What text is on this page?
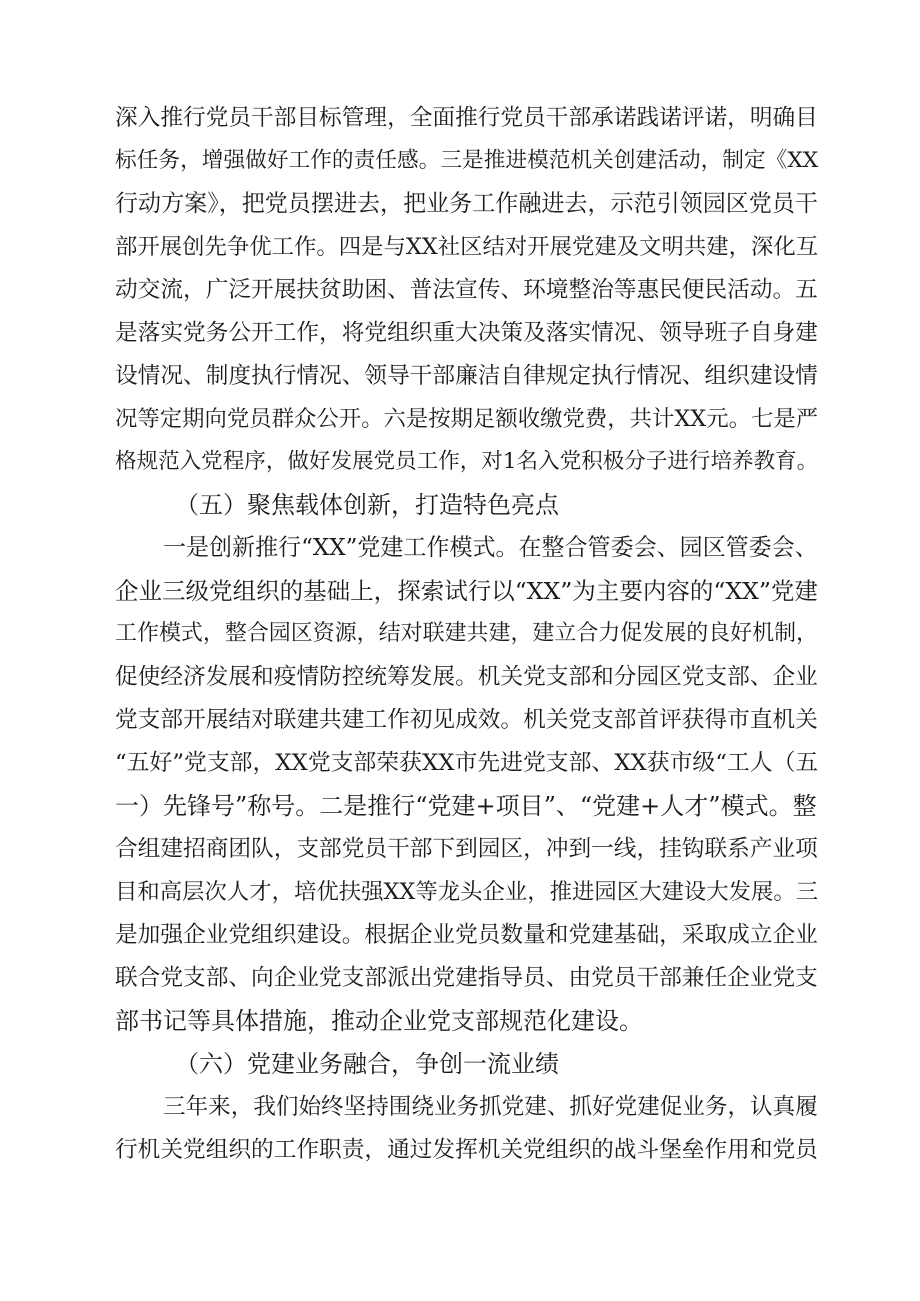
深入推行党员干部目标管理，全面推行党员干部承诺践诺评诺，明确目
标任务，增强做好工作的责任感。三是推进模范机关创建活动，制定《XX
行动方案》，把党员摆进去，把业务工作融进去，示范引领园区党员干
部开展创先争优工作。四是与XX社区结对开展党建及文明共建，深化互
动交流，广泛开展扶贫助困、普法宣传、环境整治等惠民便民活动。五
是落实党务公开工作，将党组织重大决策及落实情况、领导班子自身建
设情况、制度执行情况、领导干部廉洁自律规定执行情况、组织建设情
况等定期向党员群众公开。六是按期足额收缴党费，共计XX元。七是严
格规范入党程序，做好发展党员工作，对1名入党积极分子进行培养教育。
（五）聚焦载体创新，打造特色亮点
一是创新推行“XX”党建工作模式。在整合管委会、园区管委会、
企业三级党组织的基础上，探索试行以“XX”为主要内容的“XX”党建
工作模式，整合园区资源，结对联建共建，建立合力促发展的良好机制，
促使经济发展和疫情防控统筹发展。机关党支部和分园区党支部、企业
党支部开展结对联建共建工作初见成效。机关党支部首评获得市直机关
“五好”党支部，XX党支部荣获XX市先进党支部、XX获市级“工人（五
一）先锋号”称号。二是推行“党建+项目”、“党建+人才”模式。整
合组建招商团队，支部党员干部下到园区，冲到一线，挂钩联系产业项
目和高层次人才，培优扶强XX等龙头企业，推进园区大建设大发展。三
是加强企业党组织建设。根据企业党员数量和党建基础，采取成立企业
联合党支部、向企业党支部派出党建指导员、由党员干部兼任企业党支
部书记等具体措施，推动企业党支部规范化建设。
（六）党建业务融合，争创一流业绩
三年来，我们始终坚持围绕业务抓党建、抓好党建促业务，认真履
行机关党组织的工作职责，通过发挥机关党组织的战斗堡垒作用和党员
